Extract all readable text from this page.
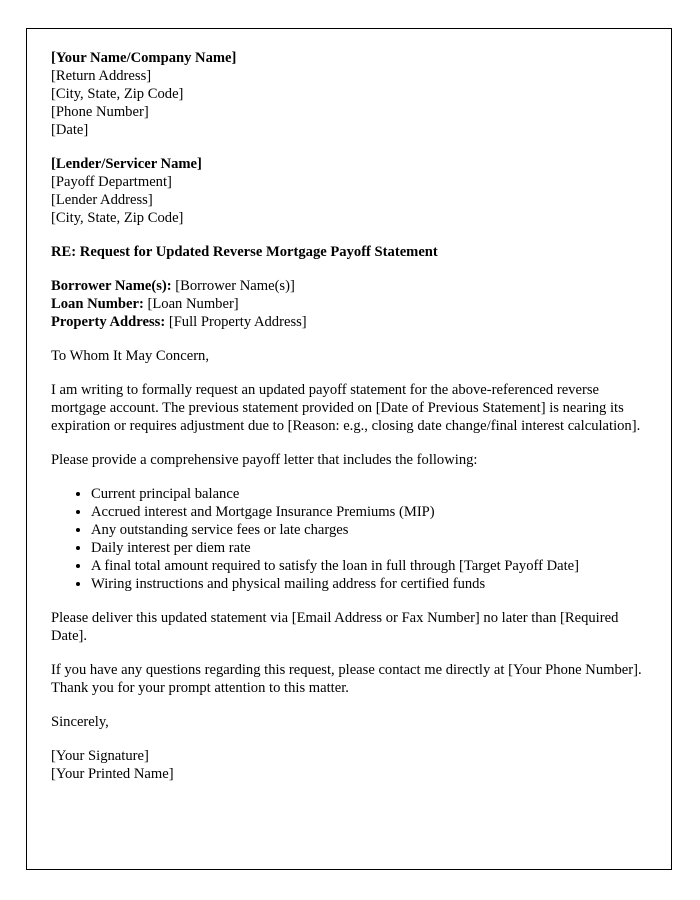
[Your Name/Company Name]
[Return Address]
[City, State, Zip Code]
[Phone Number]
[Date]
[Lender/Servicer Name]
[Payoff Department]
[Lender Address]
[City, State, Zip Code]

RE: Request for Updated Reverse Mortgage Payoff Statement

Borrower Name(s): [Borrower Name(s)]
Loan Number: [Loan Number]
Property Address: [Full Property Address]

To Whom It May Concern,

I am writing to formally request an updated payoff statement for the above-referenced reverse mortgage account. The previous statement provided on [Date of Previous Statement] is nearing its expiration or requires adjustment due to [Reason: e.g., closing date change/final interest calculation].

Please provide a comprehensive payoff letter that includes the following:

• Current principal balance
• Accrued interest and Mortgage Insurance Premiums (MIP)
• Any outstanding service fees or late charges
• Daily interest per diem rate
• A final total amount required to satisfy the loan in full through [Target Payoff Date]
• Wiring instructions and physical mailing address for certified funds

Please deliver this updated statement via [Email Address or Fax Number] no later than [Required Date].

If you have any questions regarding this request, please contact me directly at [Your Phone Number]. Thank you for your prompt attention to this matter.

Sincerely,

[Your Signature]
[Your Printed Name]
